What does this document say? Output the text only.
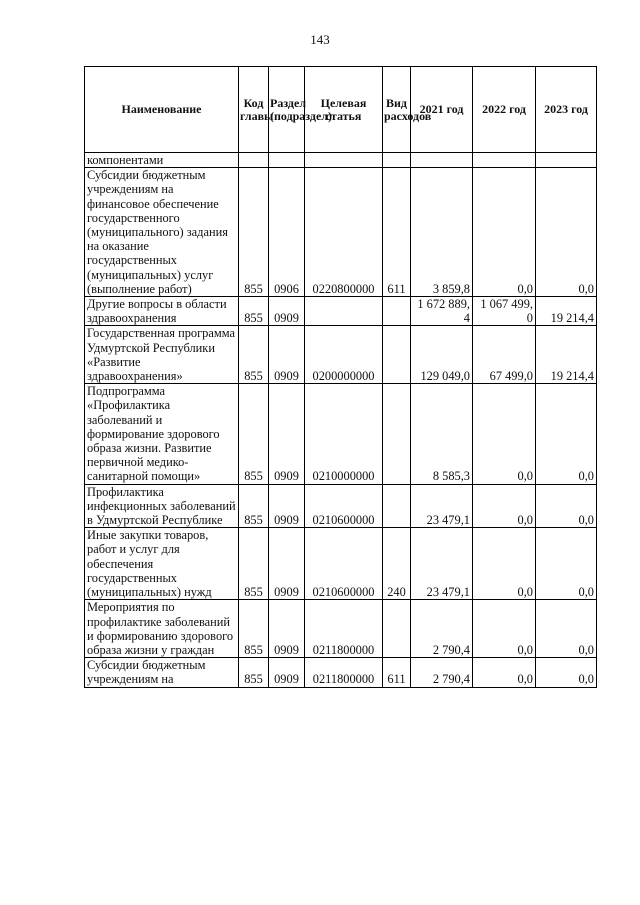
143
Наименование	Код главы	Раздел (подраздел)	Целевая статья	Вид расходов	2021 год	2022 год	2023 год
компонентами							
Субсидии бюджетным учреждениям на финансовое обеспечение государственного (муниципального) задания на оказание государственных (муниципальных) услуг (выполнение работ)	855	0906	0220800000	611	3 859,8	0,0	0,0
Другие вопросы в области здравоохранения	855	0909			1 672 889,4	1 067 499,0	19 214,4
Государственная программа Удмуртской Республики «Развитие здравоохранения»	855	0909	0200000000		129 049,0	67 499,0	19 214,4
Подпрограмма «Профилактика заболеваний и формирование здорового образа жизни. Развитие первичной медико-санитарной помощи»	855	0909	0210000000		8 585,3	0,0	0,0
Профилактика инфекционных заболеваний в Удмуртской Республике	855	0909	0210600000		23 479,1	0,0	0,0
Иные закупки товаров, работ и услуг для обеспечения государственных (муниципальных) нужд	855	0909	0210600000	240	23 479,1	0,0	0,0
Мероприятия по профилактике заболеваний и формированию здорового образа жизни у граждан	855	0909	0211800000		2 790,4	0,0	0,0
Субсидии бюджетным учреждениям на	855	0909	0211800000	611	2 790,4	0,0	0,0
